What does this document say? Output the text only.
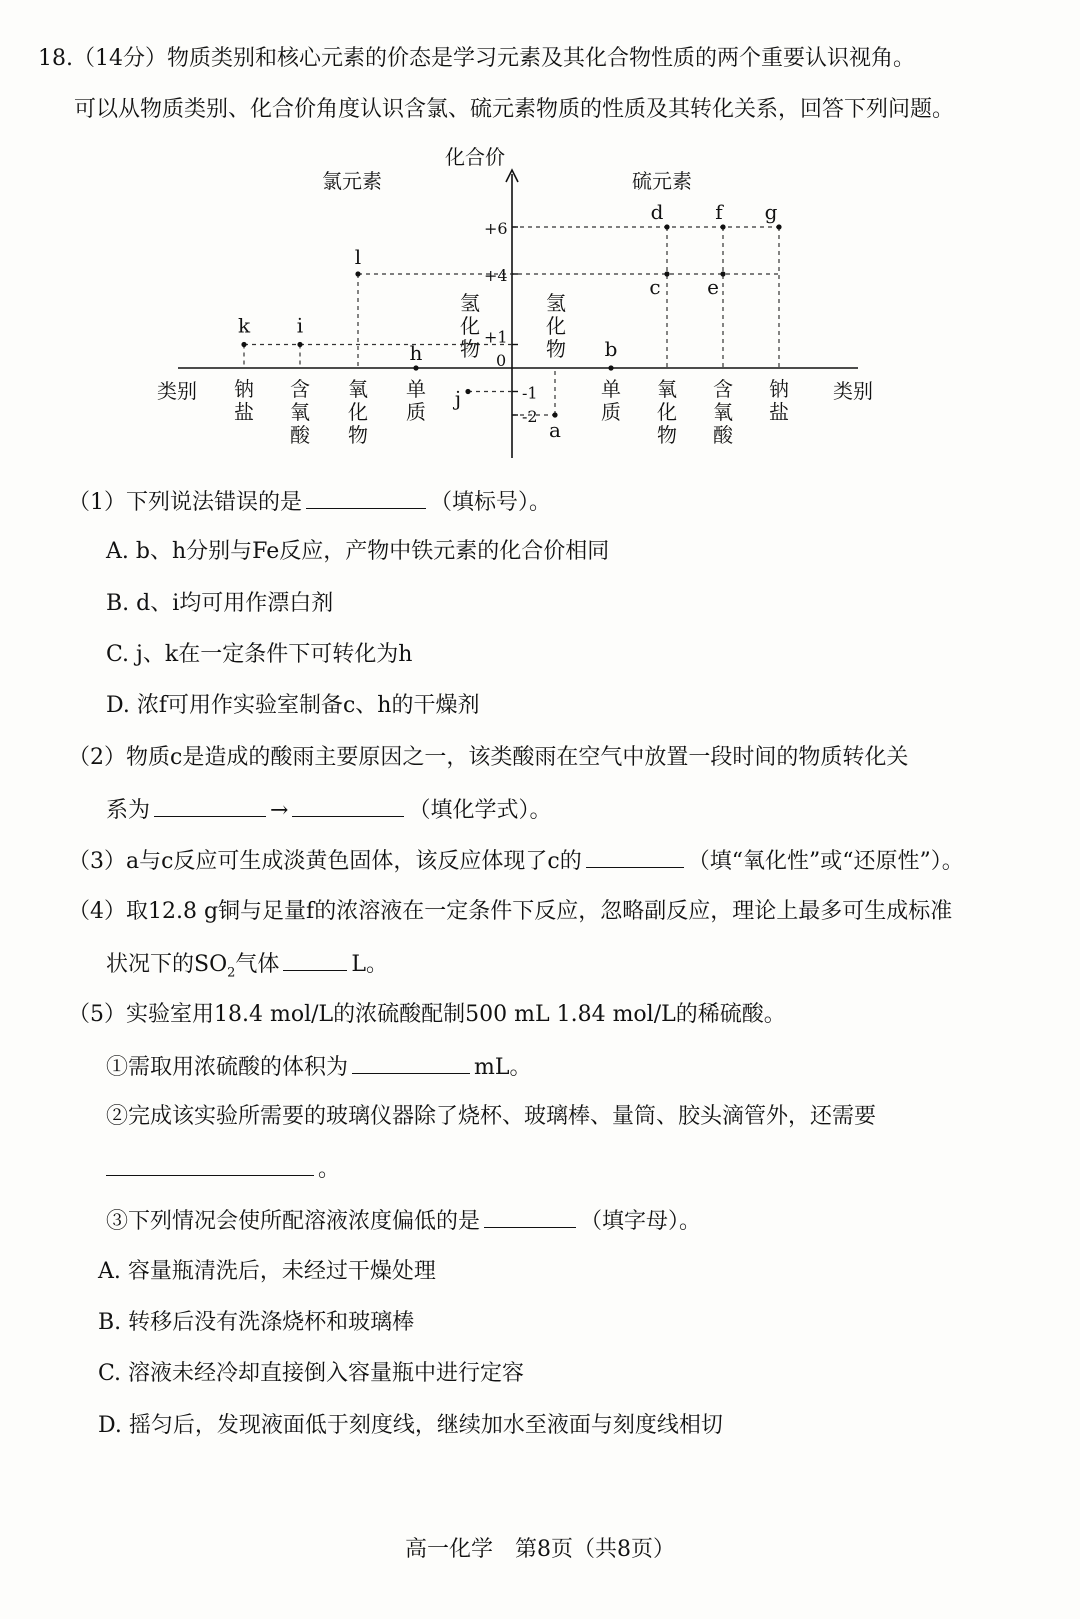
18.（14分）物质类别和核心元素的价态是学习元素及其化合物性质的两个重要认识视角。
可以从物质类别、化合价角度认识含氯、硫元素物质的性质及其转化关系，回答下列问题。
+6
+4
+1
0
-1
-2
a
b
c
d
e
f g
h
i
j
k
l
钠
盐
含
氧
酸
氧
化
物
单
质
单
质
氧
化
物
含
氧
酸
钠
盐
氢
化
物
氢
化
物
化合价
氯元素	硫元素
类别	类别
（1）下列说法错误的是	（填标号）。
A. b、h分别与Fe反应，产物中铁元素的化合价相同
B. d、i均可用作漂白剂
C. j、k在一定条件下可转化为h
D. 浓f可用作实验室制备c、h的干燥剂
（2）物质c是造成的酸雨主要原因之一，该类酸雨在空气中放置一段时间的物质转化关
系为	→	（填化学式）。
（3）a与c反应可生成淡黄色固体，该反应体现了c的	（填“氧化性”或“还原性”）。
（4）取12.8 g铜与足量f的浓溶液在一定条件下反应，忽略副反应，理论上最多可生成标准
状况下的$SO_2$气体	L。
（5）实验室用18.4 mol/L的浓硫酸配制500 mL 1.84 mol/L的稀硫酸。
①需取用浓硫酸的体积为	mL。
②完成该实验所需要的玻璃仪器除了烧杯、玻璃棒、量筒、胶头滴管外，还需要
。
③下列情况会使所配溶液浓度偏低的是	（填字母）。
A. 容量瓶清洗后，未经过干燥处理
B. 转移后没有洗涤烧杯和玻璃棒
C. 溶液未经冷却直接倒入容量瓶中进行定容
D. 摇匀后，发现液面低于刻度线，继续加水至液面与刻度线相切
高一化学　第8页（共8页）
